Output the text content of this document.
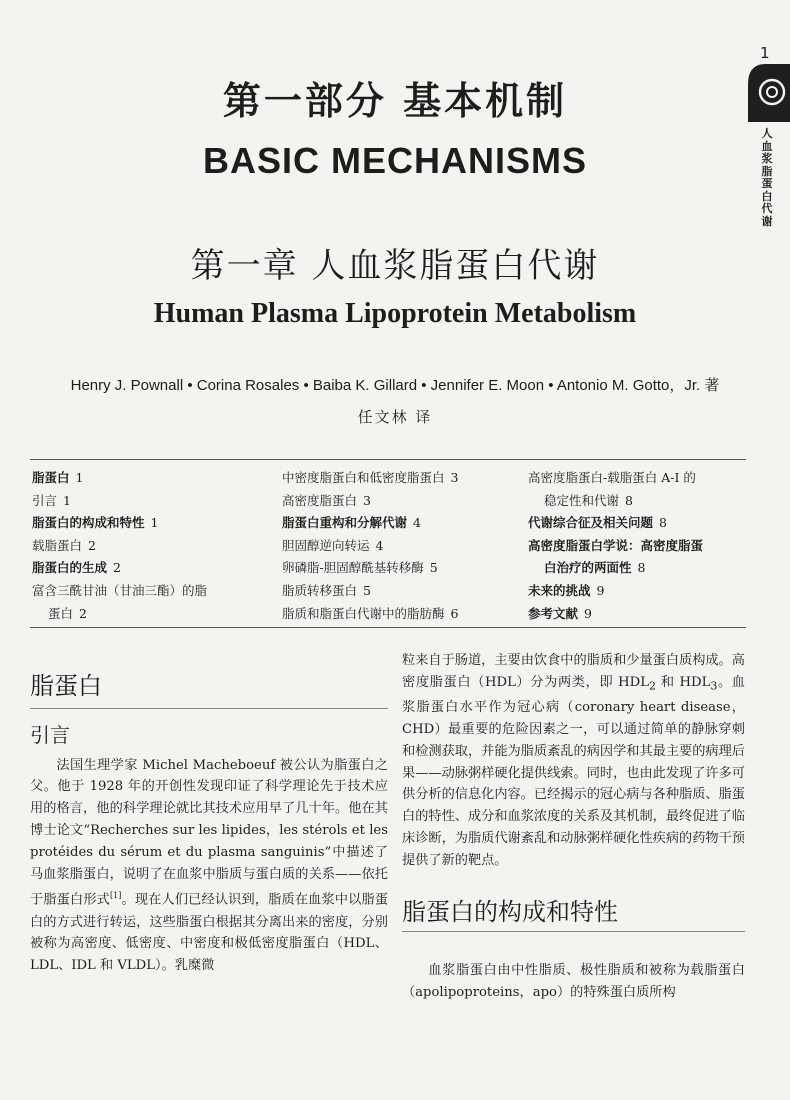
1
人
血
浆
脂
蛋
白
代
谢
第一部分 基本机制
BASIC MECHANISMS
第一章 人血浆脂蛋白代谢
Human Plasma Lipoprotein Metabolism
Henry J. Pownall • Corina Rosales • Baiba K. Gillard • Jennifer E. Moon • Antonio M. Gotto，Jr. 著
任文林 译
脂蛋白 1
引言 1
脂蛋白的构成和特性 1
载脂蛋白 2
脂蛋白的生成 2
富含三酰甘油（甘油三酯）的脂
蛋白 2
中密度脂蛋白和低密度脂蛋白 3
高密度脂蛋白 3
脂蛋白重构和分解代谢 4
胆固醇逆向转运 4
卵磷脂-胆固醇酰基转移酶 5
脂质转移蛋白 5
脂质和脂蛋白代谢中的脂肪酶 6
高密度脂蛋白-载脂蛋白 A-Ⅰ 的
稳定性和代谢 8
代谢综合征及相关问题 8
高密度脂蛋白学说：高密度脂蛋
白治疗的两面性 8
未来的挑战 9
参考文献 9
脂蛋白
引言

法国生理学家 Michel Macheboeuf 被公认为脂蛋白之父。他于 1928 年的开创性发现印证了科学理论先于技术应用的格言，他的科学理论就比其技术应用早了几十年。他在其博士论文“Recherches sur les lipides，les stérols et les protéides du sérum et du plasma sanguinis”中描述了马血浆脂蛋白，说明了在血浆中脂质与蛋白质的关系——依托于脂蛋白形式[1]。现在人们已经认识到，脂质在血浆中以脂蛋白的方式进行转运，这些脂蛋白根据其分离出来的密度，分别被称为高密度、低密度、中密度和极低密度脂蛋白（HDL、LDL、IDL 和 VLDL）。乳糜微

粒来自于肠道，主要由饮食中的脂质和少量蛋白质构成。高密度脂蛋白（HDL）分为两类，即 $HDL_2$ 和 $HDL_3$。血浆脂蛋白水平作为冠心病（coronary heart disease，CHD）最重要的危险因素之一，可以通过简单的静脉穿刺和检测获取，并能为脂质紊乱的病因学和其最主要的病理后果——动脉粥样硬化提供线索。同时，也由此发现了许多可供分析的信息化内容。已经揭示的冠心病与各种脂质、脂蛋白的特性、成分和血浆浓度的关系及其机制，最终促进了临床诊断，为脂质代谢紊乱和动脉粥样硬化性疾病的药物干预提供了新的靶点。

脂蛋白的构成和特性

血浆脂蛋白由中性脂质、极性脂质和被称为载脂蛋白（apolipoproteins，apo）的特殊蛋白质所构
